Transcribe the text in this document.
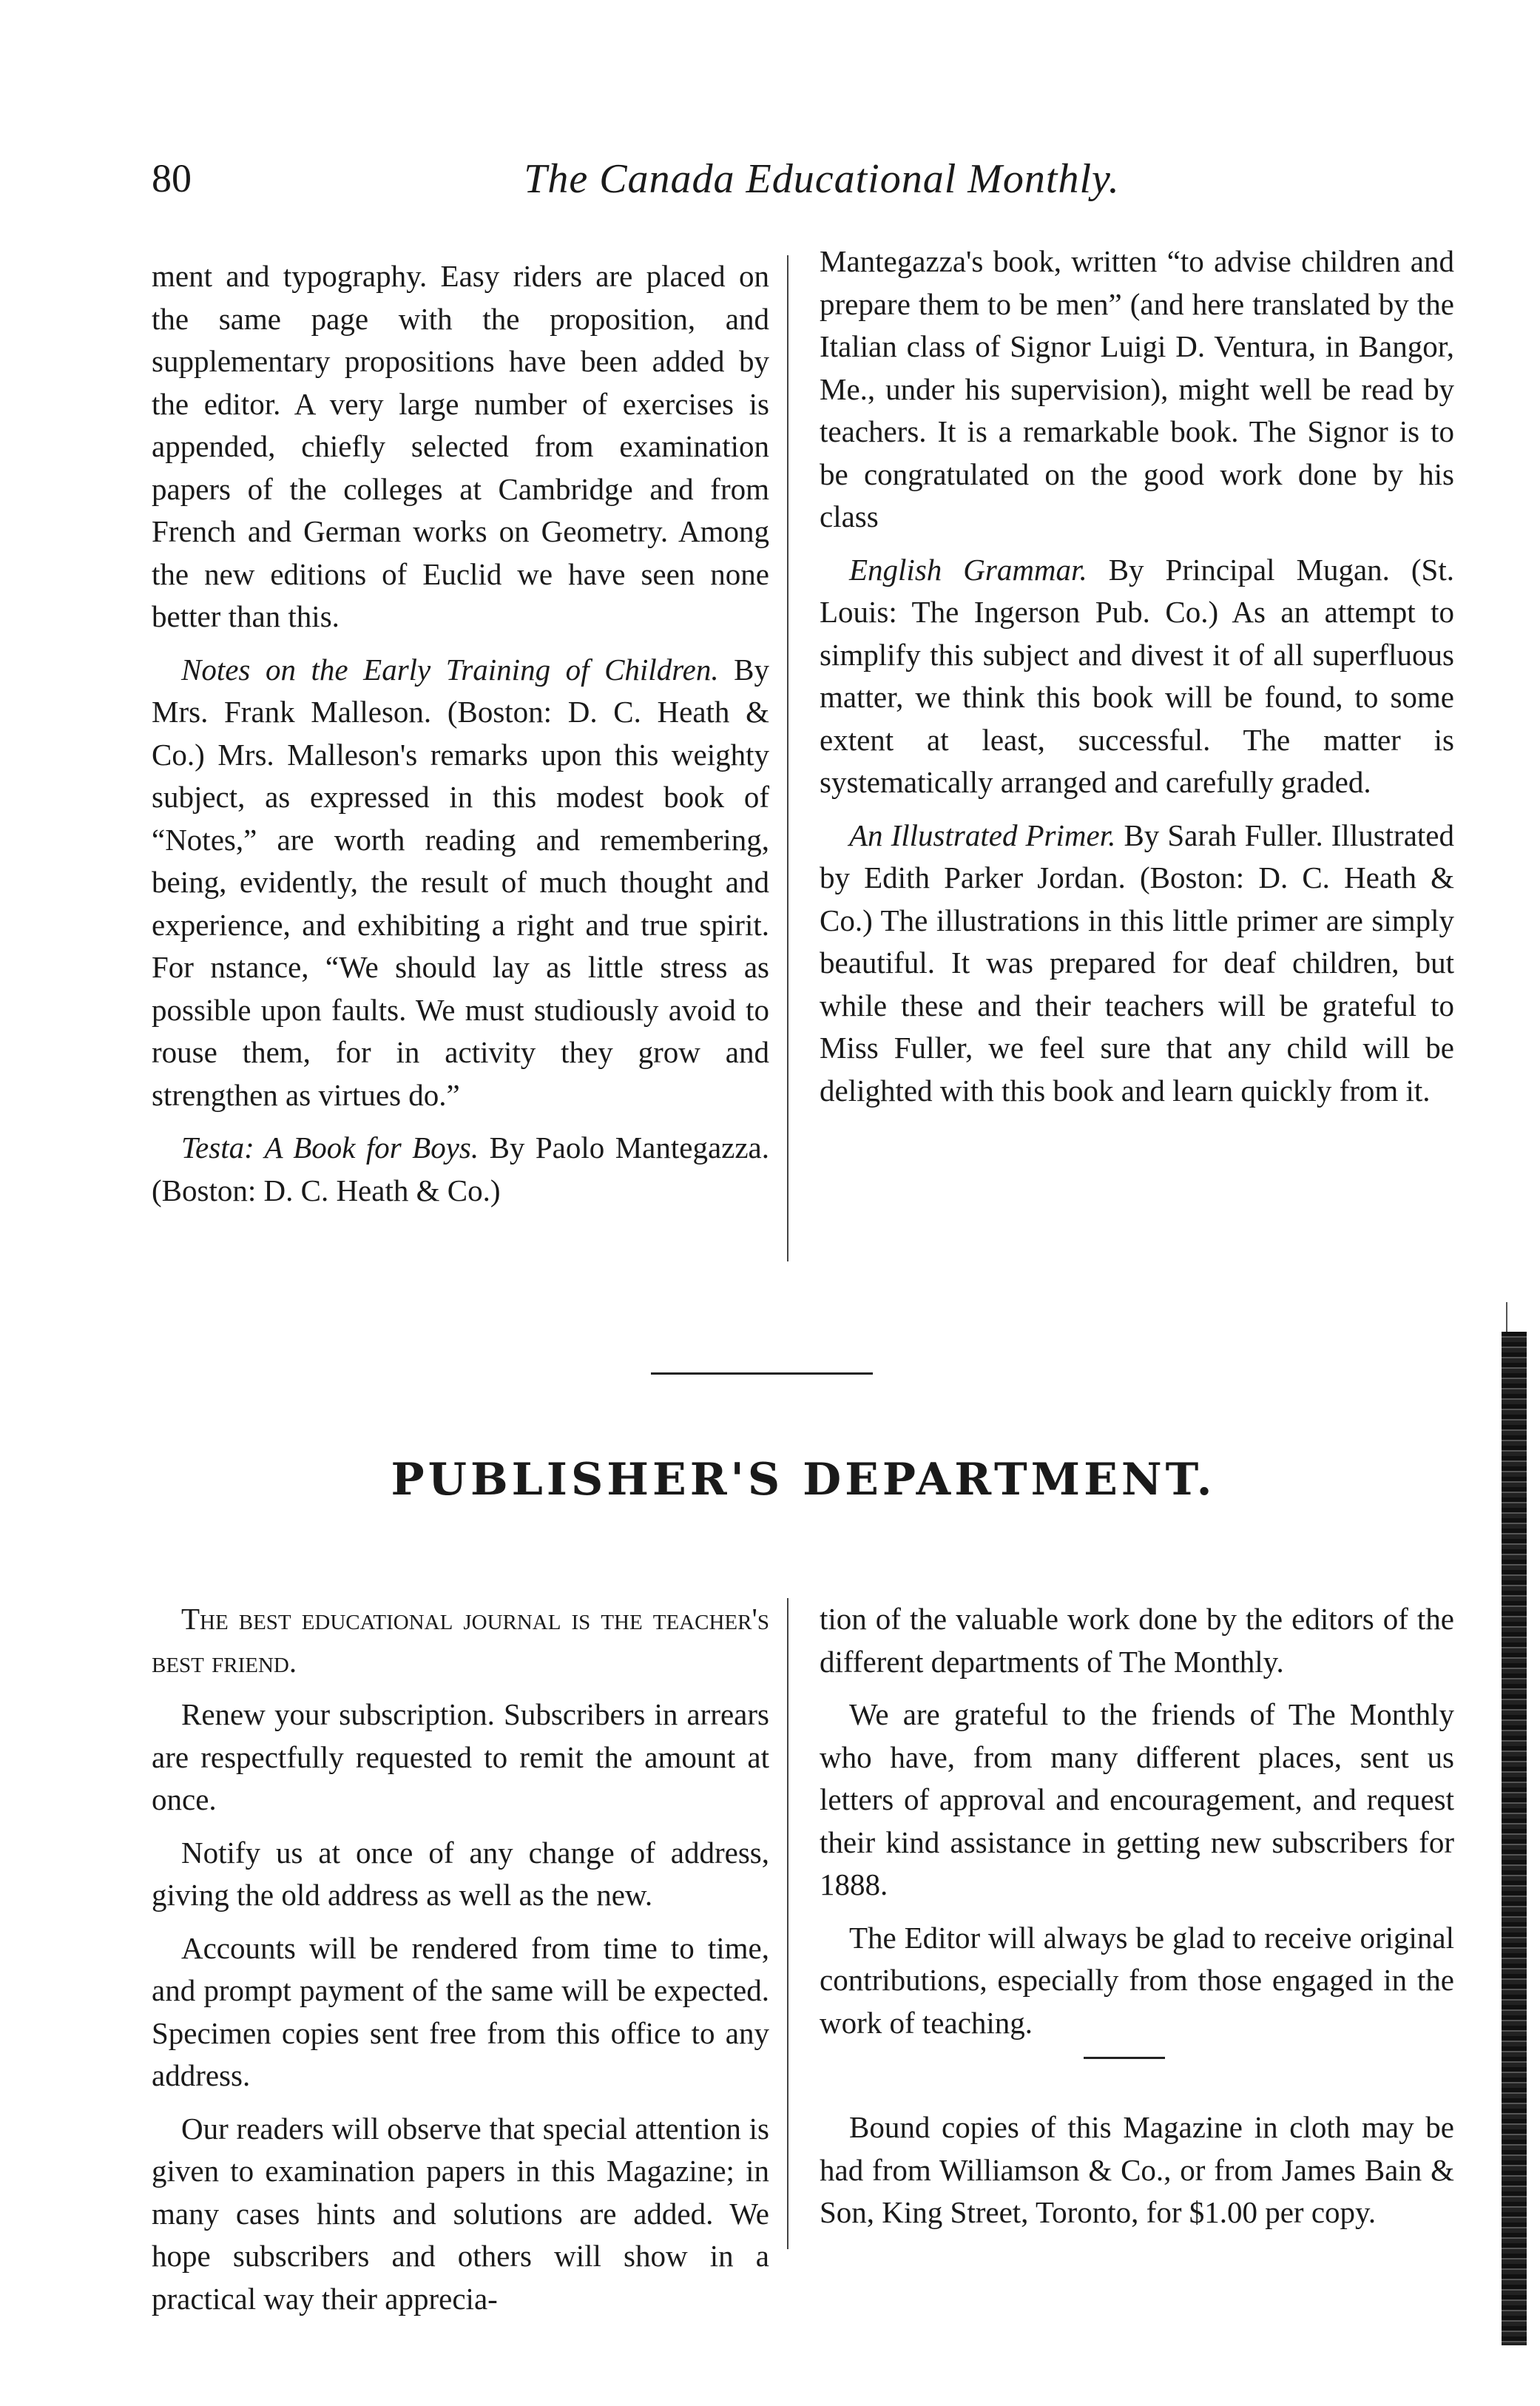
80	The Canada Educational Monthly.

ment and typography. Easy riders are placed on the same page with the proposition, and supplementary propositions have been added by the editor. A very large number of exercises is appended, chiefly selected from examination papers of the colleges at Cambridge and from French and German works on Geometry. Among the new editions of Euclid we have seen none better than this.

Notes on the Early Training of Children. By Mrs. Frank Malleson. (Boston: D. C. Heath & Co.) Mrs. Malleson's remarks upon this weighty subject, as expressed in this modest book of “Notes,” are worth reading and remembering, being, evidently, the result of much thought and experience, and exhibiting a right and true spirit. For nstance, “We should lay as little stress as possible upon faults. We must studiously avoid to rouse them, for in activity they grow and strengthen as virtues do.”

Testa: A Book for Boys. By Paolo Mantegazza. (Boston: D. C. Heath & Co.)

Mantegazza's book, written “to advise children and prepare them to be men” (and here translated by the Italian class of Signor Luigi D. Ventura, in Bangor, Me., under his supervision), might well be read by teachers. It is a remarkable book. The Signor is to be congratulated on the good work done by his class

English Grammar. By Principal Mugan. (St. Louis: The Ingerson Pub. Co.) As an attempt to simplify this subject and divest it of all superfluous matter, we think this book will be found, to some extent at least, successful. The matter is systematically arranged and carefully graded.

An Illustrated Primer. By Sarah Fuller. Illustrated by Edith Parker Jordan. (Boston: D. C. Heath & Co.) The illustrations in this little primer are simply beautiful. It was prepared for deaf children, but while these and their teachers will be grateful to Miss Fuller, we feel sure that any child will be delighted with this book and learn quickly from it.

PUBLISHER'S DEPARTMENT.

The best educational journal is the teacher's best friend.

Renew your subscription. Subscribers in arrears are respectfully requested to remit the amount at once.

Notify us at once of any change of address, giving the old address as well as the new.

Accounts will be rendered from time to time, and prompt payment of the same will be expected. Specimen copies sent free from this office to any address.

Our readers will observe that special attention is given to examination papers in this Magazine; in many cases hints and solutions are added. We hope subscribers and others will show in a practical way their apprecia-

tion of the valuable work done by the editors of the different departments of The Monthly.

We are grateful to the friends of The Monthly who have, from many different places, sent us letters of approval and encouragement, and request their kind assistance in getting new subscribers for 1888.

The Editor will always be glad to receive original contributions, especially from those engaged in the work of teaching.

Bound copies of this Magazine in cloth may be had from Williamson & Co., or from James Bain & Son, King Street, Toronto, for $1.00 per copy.
